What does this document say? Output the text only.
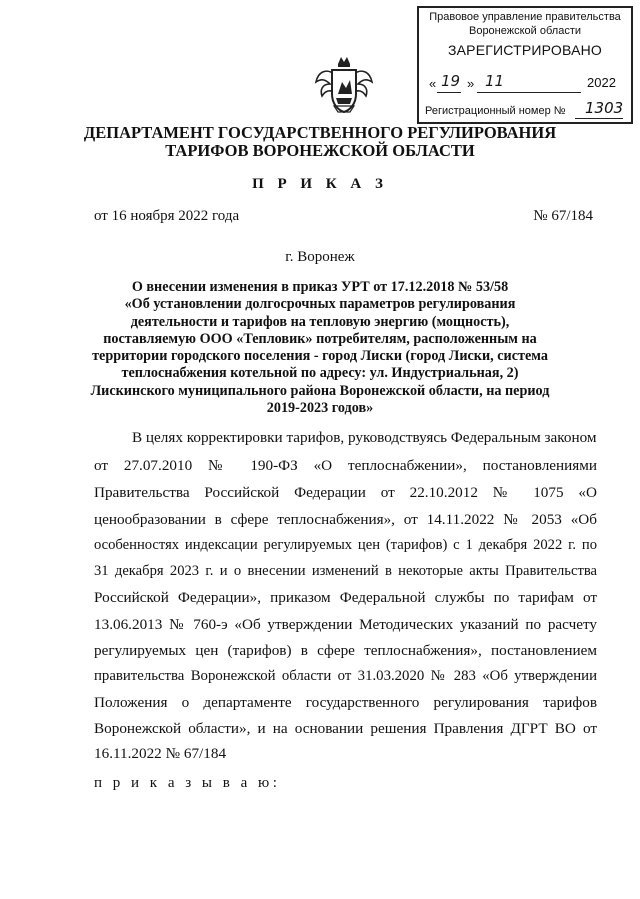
Правовое управление правительства
Воронежской области
ЗАРЕГИСТРИРОВАНО
« 19 » 11	2022
Регистрационный номер № 1303
ДЕПАРТАМЕНТ ГОСУДАРСТВЕННОГО РЕГУЛИРОВАНИЯ
ТАРИФОВ ВОРОНЕЖСКОЙ ОБЛАСТИ
П Р И К А З
от 16 ноября 2022 года	№ 67/184
г. Воронеж
О внесении изменения в приказ УРТ от 17.12.2018 № 53/58
«Об установлении долгосрочных параметров регулирования
деятельности и тарифов на тепловую энергию (мощность),
поставляемую ООО «Тепловик» потребителям, расположенным на
территории городского поселения - город Лиски (город Лиски, система
теплоснабжения котельной по адресу: ул. Индустриальная, 2)
Лискинского муниципального района Воронежской области, на период
2019-2023 годов»
В целях корректировки тарифов, руководствуясь Федеральным законом
от 27.07.2010 № 190-ФЗ «О теплоснабжении», постановлениями
Правительства Российской Федерации от 22.10.2012 № 1075 «О
ценообразовании в сфере теплоснабжения», от 14.11.2022 № 2053 «Об
особенностях индексации регулируемых цен (тарифов) с 1 декабря 2022 г. по
31 декабря 2023 г. и о внесении изменений в некоторые акты Правительства
Российской Федерации», приказом Федеральной службы по тарифам от
13.06.2013 № 760-э «Об утверждении Методических указаний по расчету
регулируемых цен (тарифов) в сфере теплоснабжения», постановлением
правительства Воронежской области от 31.03.2020 № 283 «Об утверждении
Положения о департаменте государственного регулирования тарифов
Воронежской области», и на основании решения Правления ДГРТ ВО от
16.11.2022 № 67/184
п р и к а з ы в а ю:
